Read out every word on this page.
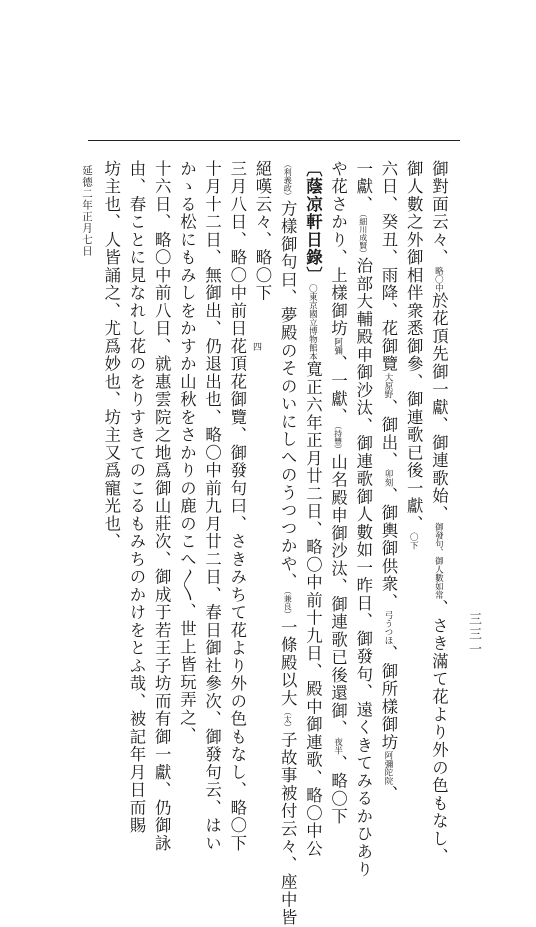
御對面云々、略〇中於花頂先御一獻、御連歌始、御發句、御人數如常、さき滿て花より外の色もなし、
御人數之外御相伴衆悉御參、御連歌已後一獻、〇下
六日、癸丑、雨降、花御覽大原野、御出、卯刻、御輿御供衆、弓うつほ、御所樣御坊阿彌陀院、
一獻、（細川成賢）治部大輔殿申御沙汰、御連歌御人數如一昨日、御發句、遠くきてみるかひあり
や花さかり、上樣御坊阿彌、一獻、（持豐）山名殿申御沙汰、御連歌已後還御、夜半、略〇下
〔蔭凉軒日錄〕〇東京國立博物館本寬正六年正月廿二日、略〇中前十九日、殿中御連歌、略〇中公
（利義政）方樣御句曰、夢殿のそのいにしへのうつつかや、（兼良）一條殿以大（太）子故事被付云々、座中皆
絕嘆云々、略〇下
三月八日、略〇中前日花頂花御覽、御發句曰、さきみちて花より外の色もなし、略〇下
十月十二日、無御出、仍退出也、略〇中前九月廿二日、春日御社參次、御發句云、はい
かゝる松にもみしをかすか山秋をさかりの鹿のこへ〳〵、世上皆玩弄之、
十六日、略〇中前八日、就惠雲院之地爲御山莊次、御成于若王子坊而有御一獻、仍御詠
由、春ことに見なれし花のをりすきてのこるもみちのかけをとふ哉、被記年月日而賜
坊主也、人皆誦之、尤爲妙也、坊主又爲寵光也、	四
三三一
延德二年正月七日
